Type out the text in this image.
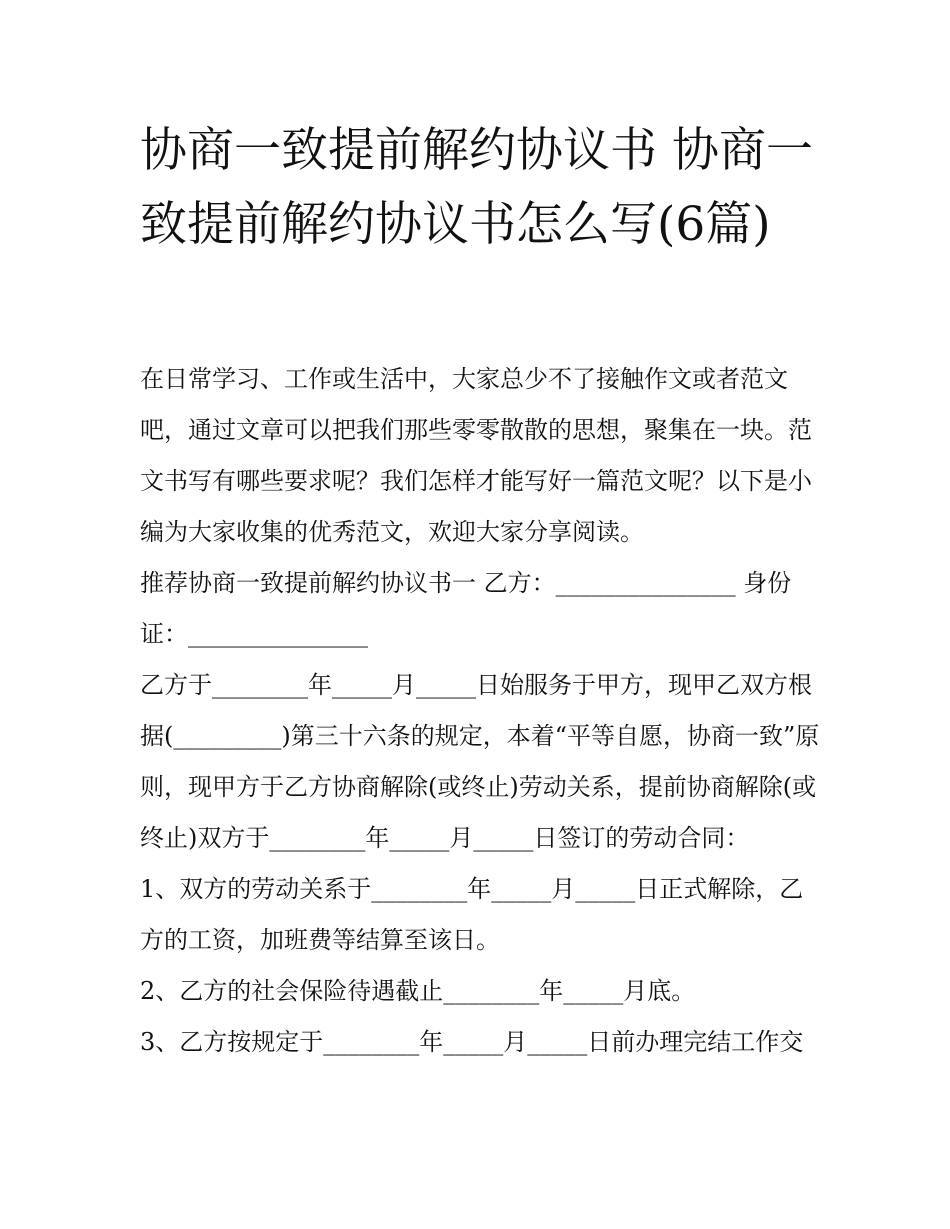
协商一致提前解约协议书 协商一致提前解约协议书怎么写(6篇)

在日常学习、工作或生活中，大家总少不了接触作文或者范文吧，通过文章可以把我们那些零零散散的思想，聚集在一块。范文书写有哪些要求呢？我们怎样才能写好一篇范文呢？以下是小编为大家收集的优秀范文，欢迎大家分享阅读。

推荐协商一致提前解约协议书一 乙方：_______________ 身份证：_______________

乙方于________年_____月_____日始服务于甲方，现甲乙双方根据(_________)第三十六条的规定，本着“平等自愿，协商一致”原则，现甲方于乙方协商解除(或终止)劳动关系，提前协商解除(或终止)双方于________年_____月_____日签订的劳动合同：

1、双方的劳动关系于________年_____月_____日正式解除，乙方的工资，加班费等结算至该日。

2、乙方的社会保险待遇截止________年_____月底。

3、乙方按规定于________年_____月_____日前办理完结工作交
